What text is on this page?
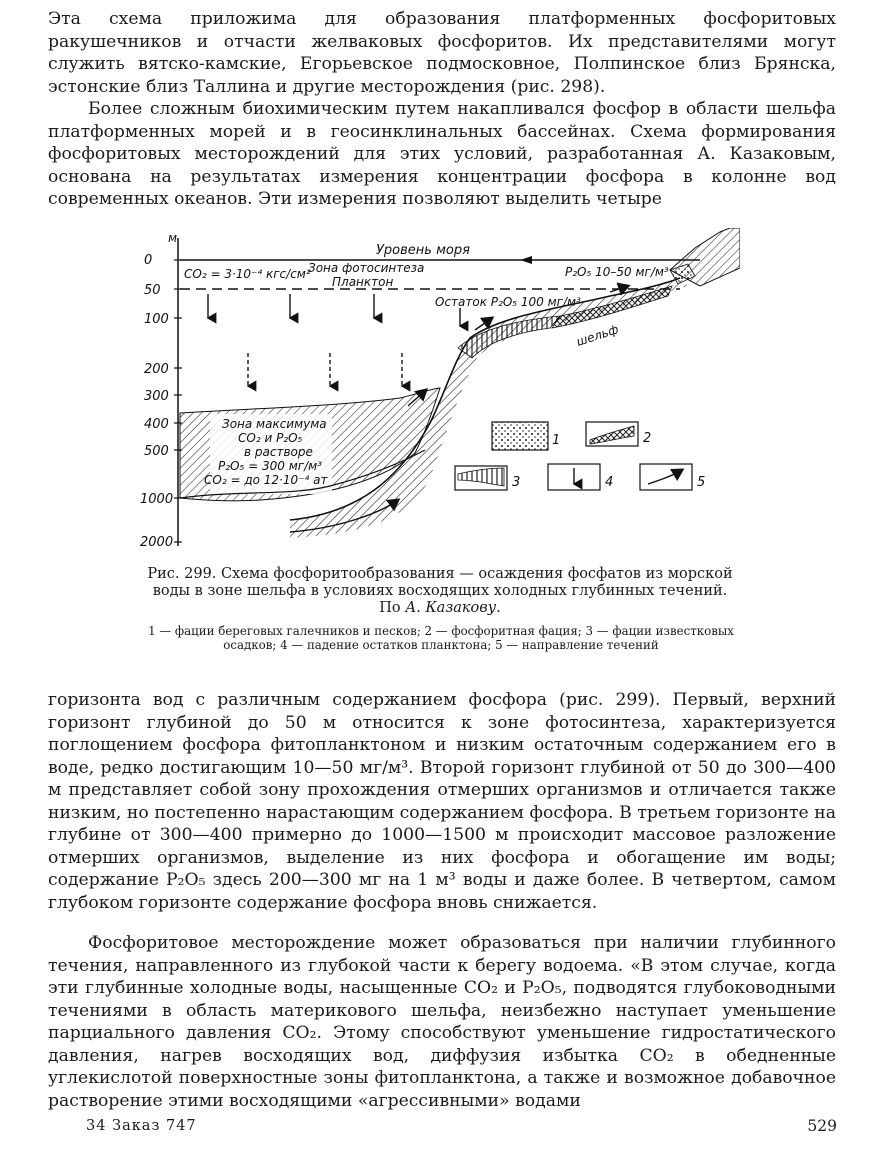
Эта схема приложима для образования платформенных фосфоритовых ракушечников и отчасти желваковых фосфоритов. Их представителями могут служить вятско-камские, Егорьевское подмосковное, Полпинское близ Брянска, эстонские близ Таллина и другие месторождения (рис. 298).

Более сложным биохимическим путем накапливался фосфор в области шельфа платформенных морей и в геосинклинальных бассейнах. Схема формирования фосфоритовых месторождений для этих условий, разработанная А. Казаковым, основана на результатах измерения концентрации фосфора в колонне вод современных океанов. Эти измерения позволяют выделить четыре

м
0
50
100
200
300
400
500
1000
2000
Уровень моря
CO₂ = 3·10⁻⁴ кгс/см²
Зона фотосинтеза
Планктон
P₂O₅ 10–50 мг/м³
Остаток P₂O₅ 100 мг/м³
шельф
Зона максимума
CO₂ и P₂O₅
в растворе
P₂O₅ = 300 мг/м³
CO₂ = до 12·10⁻⁴ ат
1	2
3	4	5

Рис. 299. Схема фосфоритообразования — осаждения фосфатов из морской воды в зоне шельфа в условиях восходящих холодных глубинных течений. По А. Казакову.

1 — фации береговых галечников и песков; 2 — фосфоритная фация; 3 — фации известковых осадков; 4 — падение остатков планктона; 5 — направление течений

горизонта вод с различным содержанием фосфора (рис. 299). Первый, верхний горизонт глубиной до 50 м относится к зоне фотосинтеза, характеризуется поглощением фосфора фитопланктоном и низким остаточным содержанием его в воде, редко достигающим 10—50 мг/м³. Второй горизонт глубиной от 50 до 300—400 м представляет собой зону прохождения отмерших организмов и отличается также низким, но постепенно нарастающим содержанием фосфора. В третьем горизонте на глубине от 300—400 примерно до 1000—1500 м происходит массовое разложение отмерших организмов, выделение из них фосфора и обогащение им воды; содержание P₂O₅ здесь 200—300 мг на 1 м³ воды и даже более. В четвертом, самом глубоком горизонте содержание фосфора вновь снижается.

Фосфоритовое месторождение может образоваться при наличии глубинного течения, направленного из глубокой части к берегу водоема. «В этом случае, когда эти глубинные холодные воды, насыщенные CO₂ и P₂O₅, подводятся глубоководными течениями в область материкового шельфа, неизбежно наступает уменьшение парциального давления CO₂. Этому способствуют уменьшение гидростатического давления, нагрев восходящих вод, диффузия избытка CO₂ в обедненные углекислотой поверхностные зоны фитопланктона, а также и возможное добавочное растворение этими восходящими «агрессивными» водами

34 Заказ 747	529
